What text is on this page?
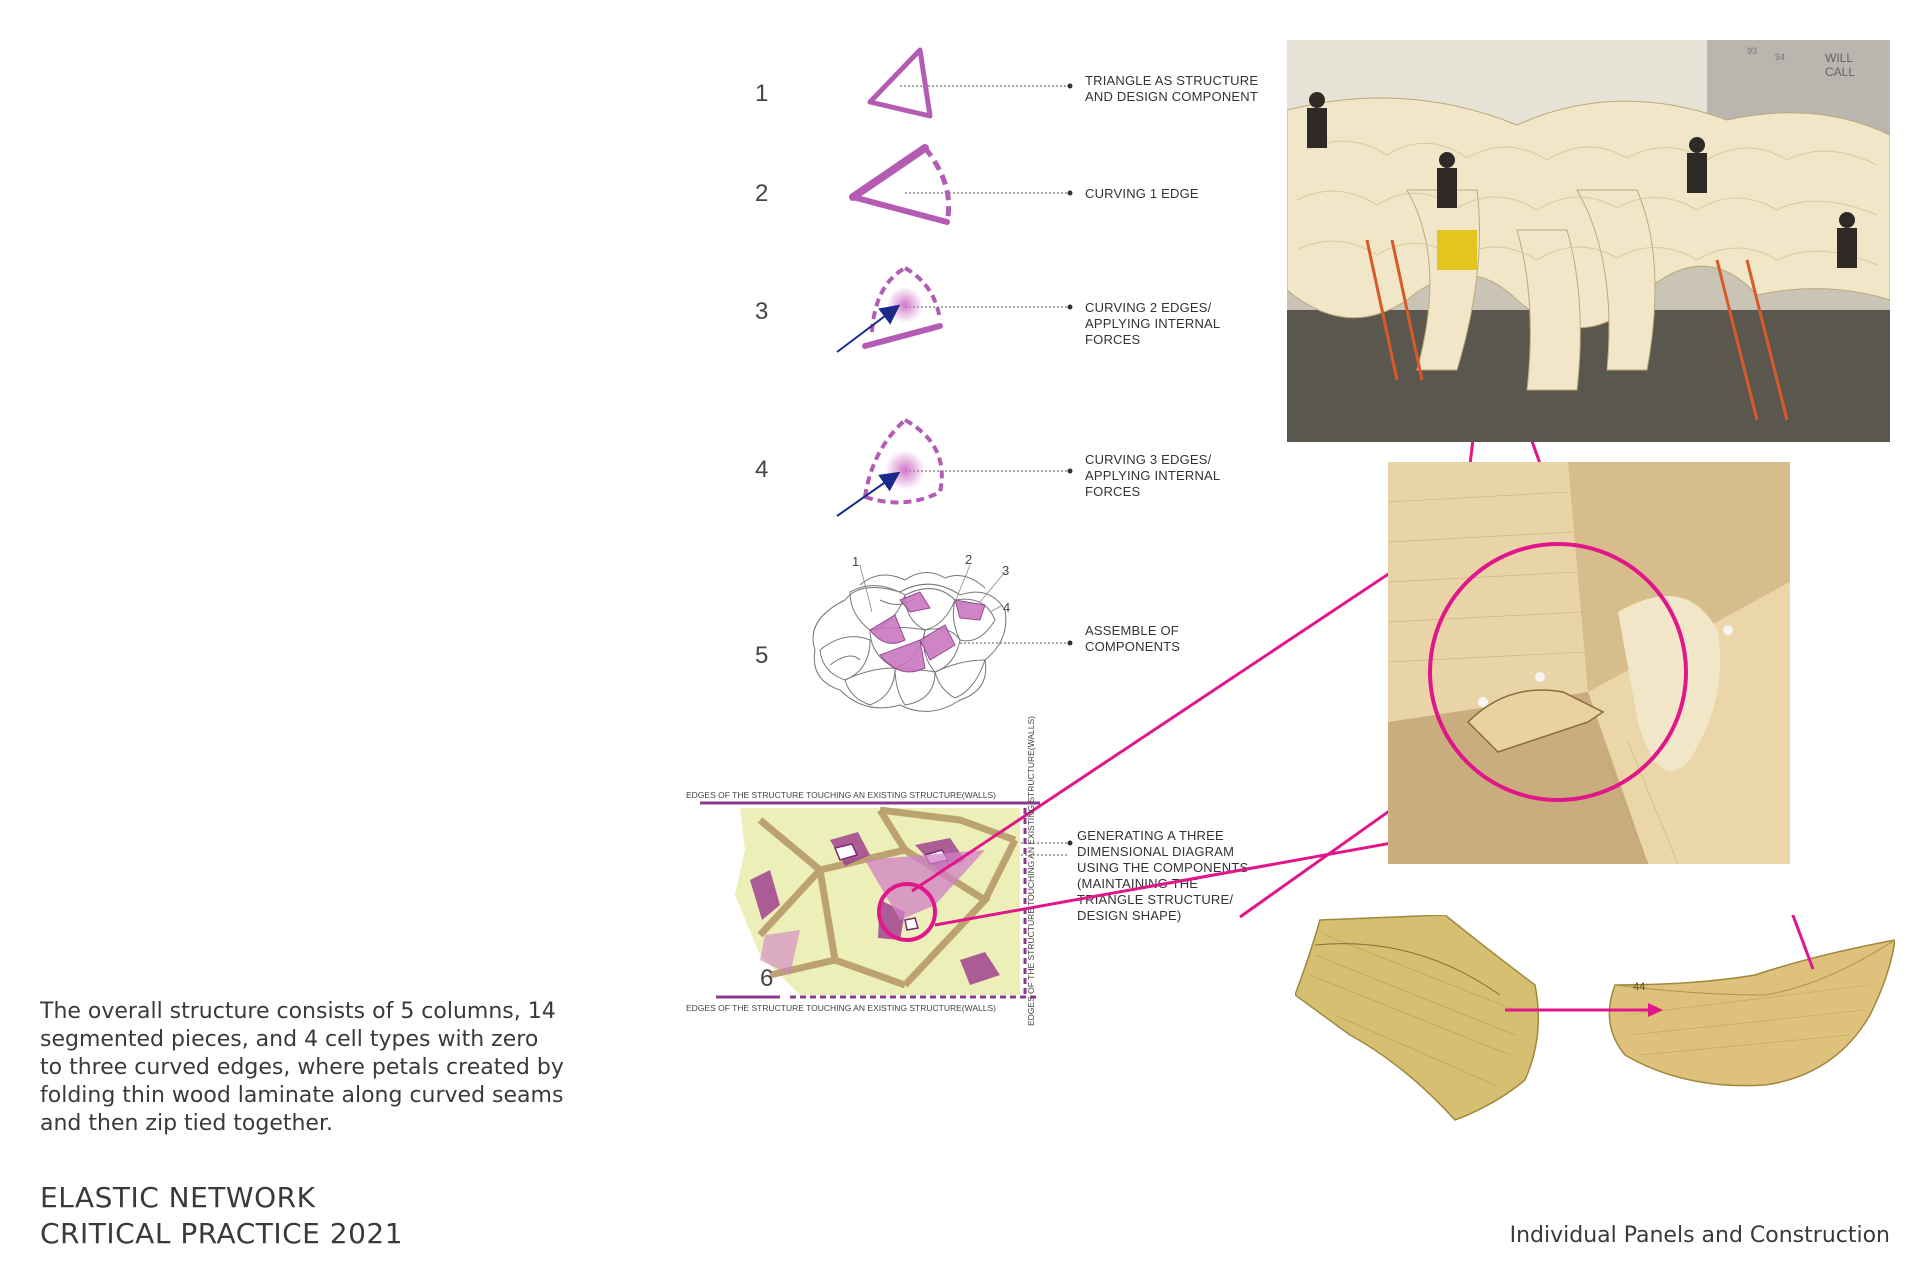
1
2
3
4
5
TRIANGLE AS STRUCTURE
AND DESIGN COMPONENT
CURVING 1 EDGE
CURVING 2 EDGES/
APPLYING INTERNAL
FORCES
CURVING 3 EDGES/
APPLYING INTERNAL
FORCES
ASSEMBLE OF
COMPONENTS
GENERATING A THREE
DIMENSIONAL DIAGRAM
USING THE COMPONENTS
(MAINTAINING THE
TRIANGLE STRUCTURE/
DESIGN SHAPE)
1	2
3
4
6
EDGES OF THE STRUCTURE TOUCHING AN EXISTING STRUCTURE(WALLS)
EDGES OF THE STRUCTURE TOUCHING AN EXISTING STRUCTURE(WALLS)	EDGES OF THE STRUCTURE TOUCHING AN EXISTING STRUCTURE(WALLS)
WILL
CALL
93
94
44
The overall structure consists of 5 columns, 14
segmented pieces, and 4 cell types with zero
to three curved edges, where petals created by
folding thin wood laminate along curved seams
and then zip tied together.
ELASTIC NETWORK
CRITICAL PRACTICE 2021	Individual Panels and Construction
